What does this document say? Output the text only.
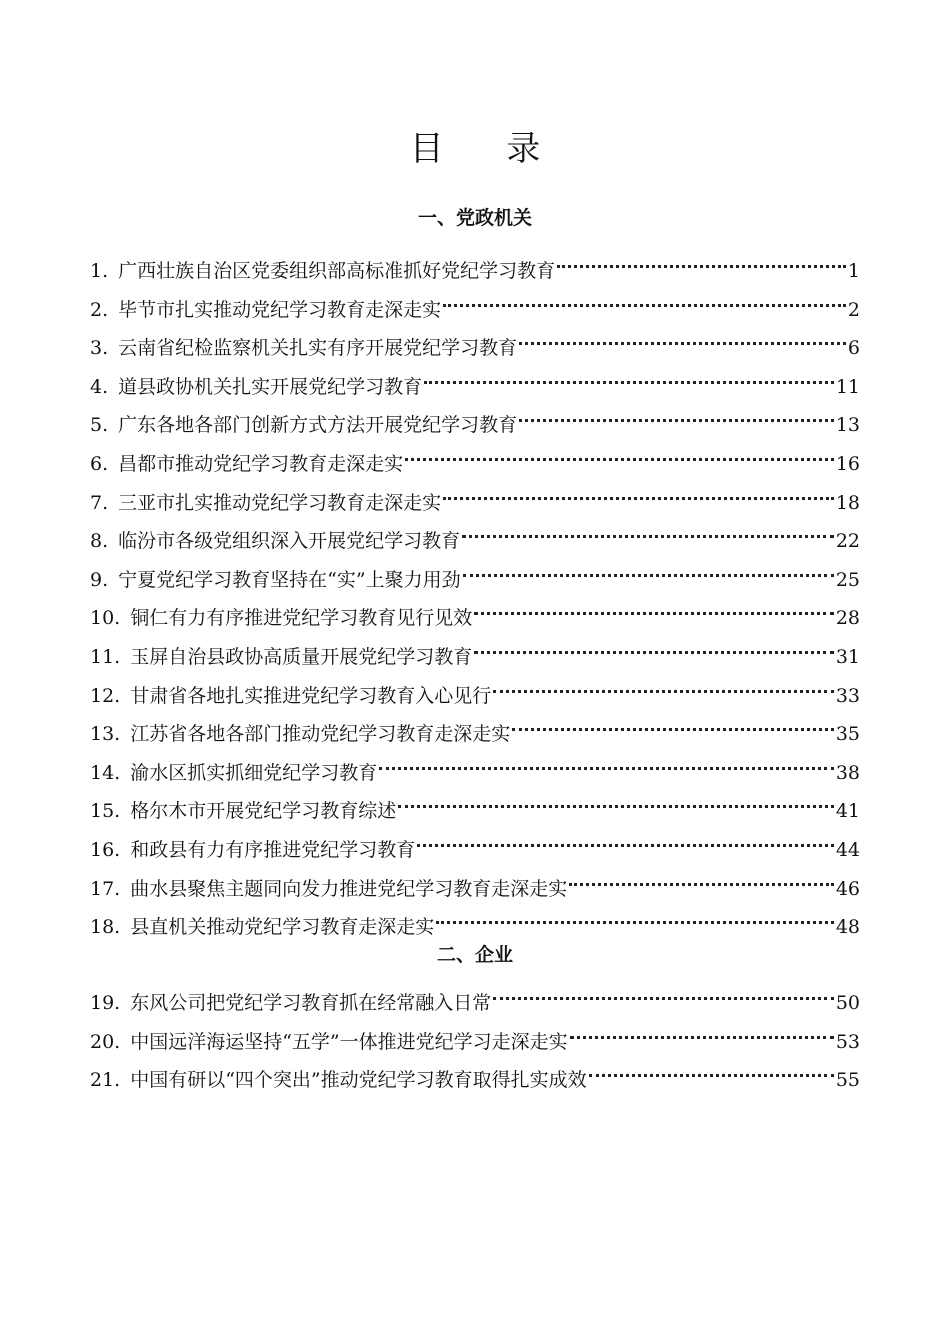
目 录
一、党政机关
1. 广西壮族自治区党委组织部高标准抓好党纪学习教育	1
2. 毕节市扎实推动党纪学习教育走深走实	2
3. 云南省纪检监察机关扎实有序开展党纪学习教育	6
4. 道县政协机关扎实开展党纪学习教育	11
5. 广东各地各部门创新方式方法开展党纪学习教育	13
6. 昌都市推动党纪学习教育走深走实	16
7. 三亚市扎实推动党纪学习教育走深走实	18
8. 临汾市各级党组织深入开展党纪学习教育	22
9. 宁夏党纪学习教育坚持在“实”上聚力用劲	25
10. 铜仁有力有序推进党纪学习教育见行见效	28
11. 玉屏自治县政协高质量开展党纪学习教育	31
12. 甘肃省各地扎实推进党纪学习教育入心见行	33
13. 江苏省各地各部门推动党纪学习教育走深走实	35
14. 渝水区抓实抓细党纪学习教育	38
15. 格尔木市开展党纪学习教育综述	41
16. 和政县有力有序推进党纪学习教育	44
17. 曲水县聚焦主题同向发力推进党纪学习教育走深走实	46
18. 县直机关推动党纪学习教育走深走实	48
二、企业
19. 东风公司把党纪学习教育抓在经常融入日常	50
20. 中国远洋海运坚持“五学”一体推进党纪学习走深走实	53
21. 中国有研以“四个突出”推动党纪学习教育取得扎实成效	55
